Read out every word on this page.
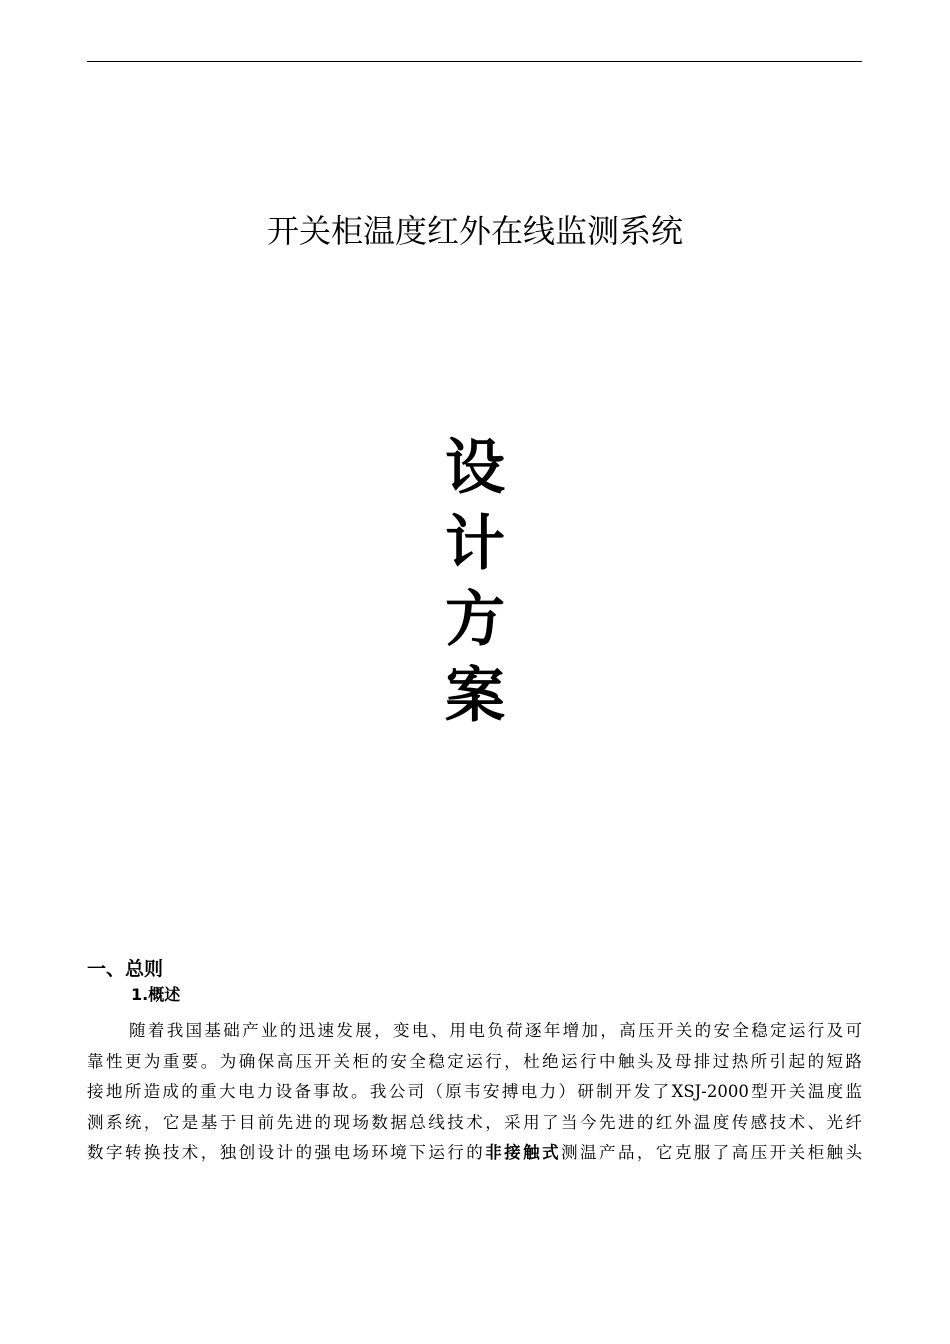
开关柜温度红外在线监测系统
设
计
方
案
一、总则
1.概述
随着我国基础产业的迅速发展，变电、用电负荷逐年增加，高压开关的安全稳定运行及可
靠性更为重要。为确保高压开关柜的安全稳定运行，杜绝运行中触头及母排过热所引起的短路
接地所造成的重大电力设备事故。我公司（原韦安搏电力）研制开发了XSJ-2000型开关温度监
测系统，它是基于目前先进的现场数据总线技术，采用了当今先进的红外温度传感技术、光纤
数字转换技术，独创设计的强电场环境下运行的非接触式测温产品，它克服了高压开关柜触头
